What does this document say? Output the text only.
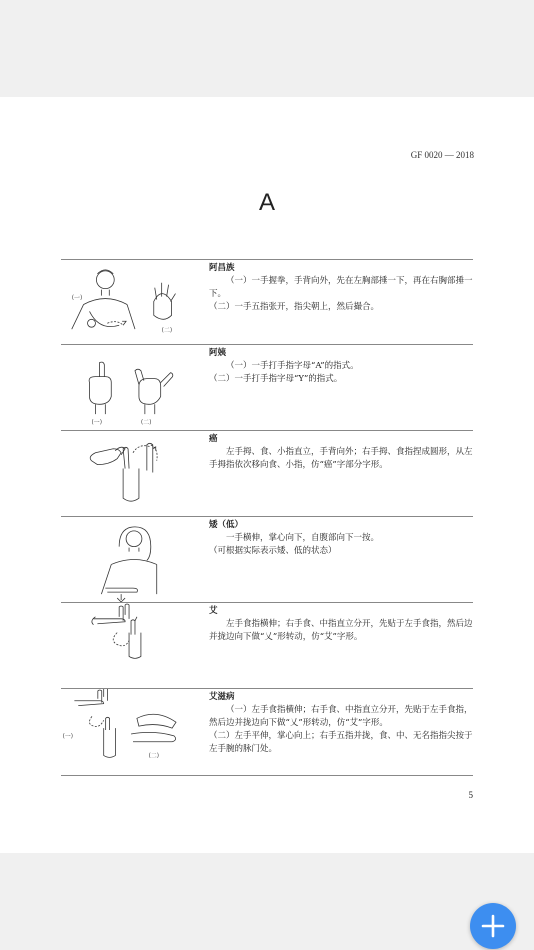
GF 0020 — 2018
A
(一)
(二)
阿昌族
（一）一手握拳，手背向外，先在左胸部捶一下，再在右胸部捶一下。
（二）一手五指张开，指尖朝上，然后撮合。
(一)	(二)
阿姨
（一）一手打手指字母“A”的指式。
（二）一手打手指字母“Y”的指式。
癌
左手拇、食、小指直立，手背向外；右手拇、食指捏成圆形，从左手拇指依次移向食、小指，仿“癌”字部分字形。
矮（低）
一手横伸，掌心向下，自腹部向下一按。
（可根据实际表示矮、低的状态）
艾
左手食指横伸；右手食、中指直立分开，先贴于左手食指，然后边并拢边向下做“乂”形转动，仿“艾”字形。
(一)
(二)
艾滋病
（一）左手食指横伸；右手食、中指直立分开，先贴于左手食指，然后边并拢边向下做“乂”形转动，仿“艾”字形。
（二）左手平伸，掌心向上；右手五指并拢，食、中、无名指指尖按于左手腕的脉门处。
5
